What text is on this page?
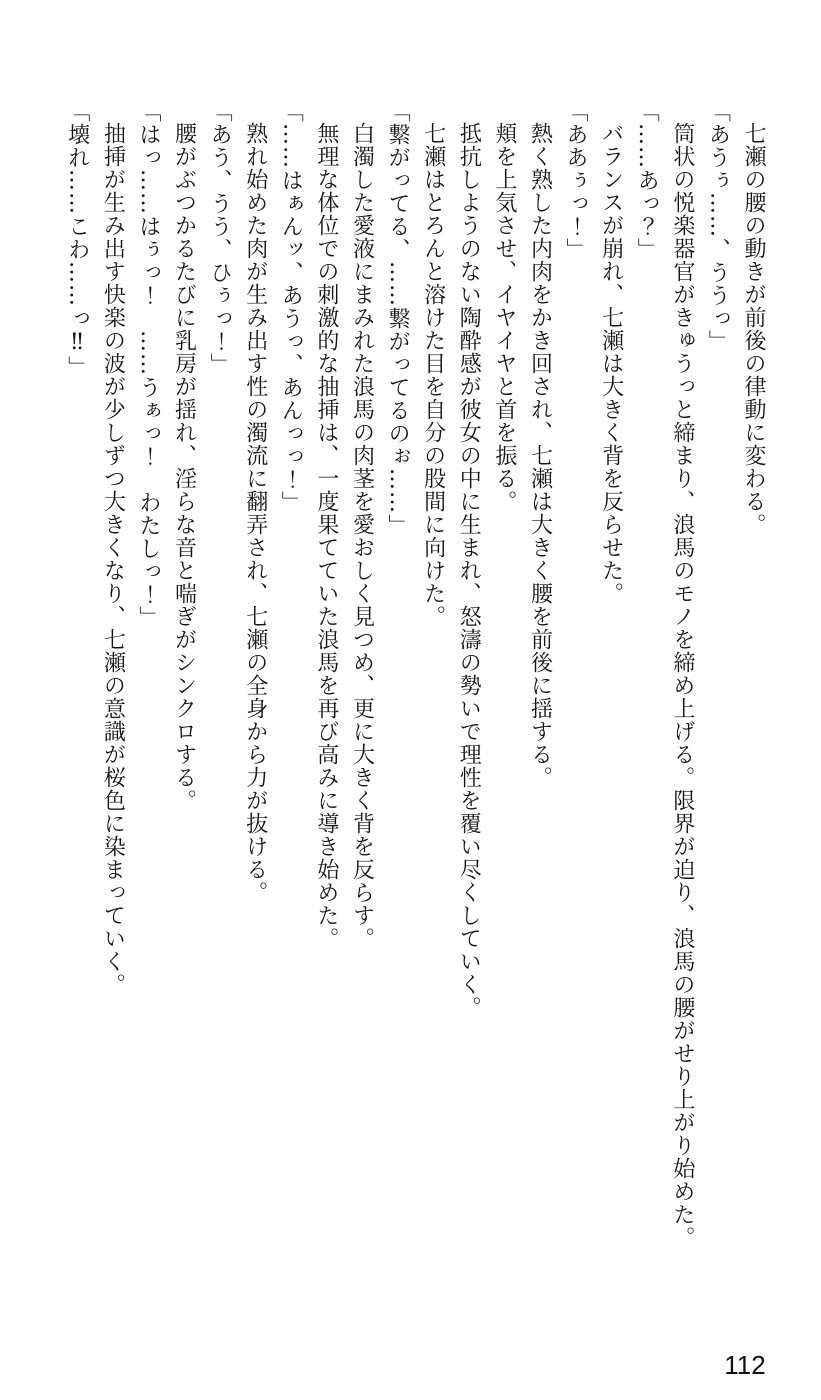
七瀬の腰の動きが前後の律動に変わる。

「あうぅ……、ううっ」

筒状の悦楽器官がきゅうっと締まり、浪馬のモノを締め上げる。限界が迫り、浪馬の腰がせり上がり始めた。

「……あっ？」

バランスが崩れ、七瀬は大きく背を反らせた。

「ああぅっ！」

熱く熟した内肉をかき回され、七瀬は大きく腰を前後に揺する。

頬を上気させ、イヤイヤと首を振る。

抵抗しようのない陶酔感が彼女の中に生まれ、怒濤の勢いで理性を覆い尽くしていく。

七瀬はとろんと溶けた目を自分の股間に向けた。

「繋がってる、……繋がってるのぉ……」

白濁した愛液にまみれた浪馬の肉茎を愛おしく見つめ、更に大きく背を反らす。

無理な体位での刺激的な抽挿は、一度果てていた浪馬を再び高みに導き始めた。

「……はぁんッ、あうっ、あんっっ！」

熟れ始めた肉が生み出す性の濁流に翻弄され、七瀬の全身から力が抜ける。

「あう、うう、ひぅっ！」

腰がぶつかるたびに乳房が揺れ、淫らな音と喘ぎがシンクロする。

「はっ……はぅっ！　……うぁっ！　わたしっ！」

抽挿が生み出す快楽の波が少しずつ大きくなり、七瀬の意識が桜色に染まっていく。

「壊れ……こわ……っ‼」

112
